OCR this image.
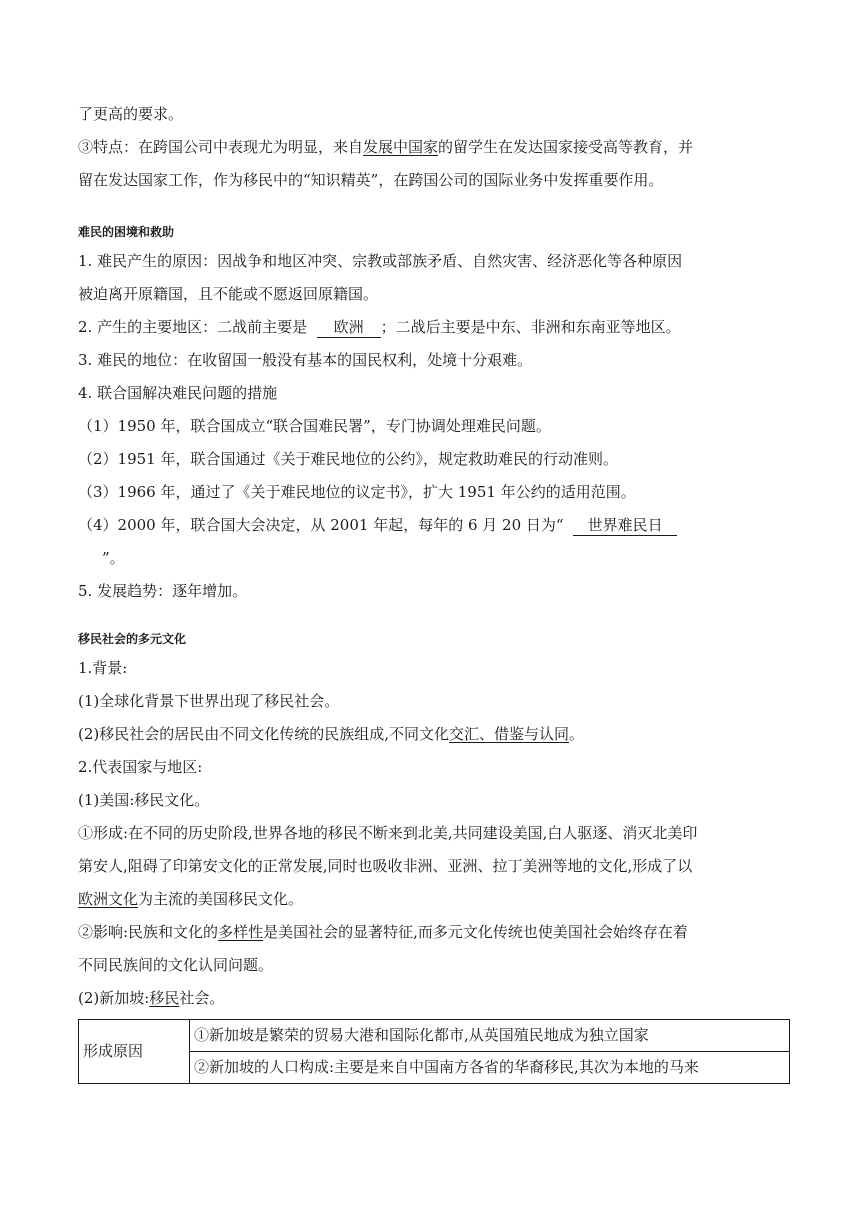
了更高的要求。

③特点：在跨国公司中表现尤为明显，来自发展中国家的留学生在发达国家接受高等教育，并

留在发达国家工作，作为移民中的“知识精英”，在跨国公司的国际业务中发挥重要作用。

难民的困境和救助

1. 难民产生的原因：因战争和地区冲突、宗教或部族矛盾、自然灾害、经济恶化等各种原因

被迫离开原籍国，且不能或不愿返回原籍国。

2. 产生的主要地区：二战前主要是 欧洲 ；二战后主要是中东、非洲和东南亚等地区。

3. 难民的地位：在收留国一般没有基本的国民权利，处境十分艰难。

4. 联合国解决难民问题的措施

（1）1950 年，联合国成立“联合国难民署”，专门协调处理难民问题。

（2）1951 年，联合国通过《关于难民地位的公约》，规定救助难民的行动准则。

（3）1966 年，通过了《关于难民地位的议定书》，扩大 1951 年公约的适用范围。

（4）2000 年，联合国大会决定，从 2001 年起，每年的 6 月 20 日为“ 世界难民日

”。

5. 发展趋势：逐年增加。

移民社会的多元文化

1.背景:

(1)全球化背景下世界出现了移民社会。

(2)移民社会的居民由不同文化传统的民族组成,不同文化交汇、借鉴与认同。

2.代表国家与地区:

(1)美国:移民文化。

①形成:在不同的历史阶段,世界各地的移民不断来到北美,共同建设美国,白人驱逐、消灭北美印

第安人,阻碍了印第安文化的正常发展,同时也吸收非洲、亚洲、拉丁美洲等地的文化,形成了以

欧洲文化为主流的美国移民文化。

②影响:民族和文化的多样性是美国社会的显著特征,而多元文化传统也使美国社会始终存在着

不同民族间的文化认同问题。

(2)新加坡:移民社会。

形成原因	①新加坡是繁荣的贸易大港和国际化都市,从英国殖民地成为独立国家
②新加坡的人口构成:主要是来自中国南方各省的华裔移民,其次为本地的马来
